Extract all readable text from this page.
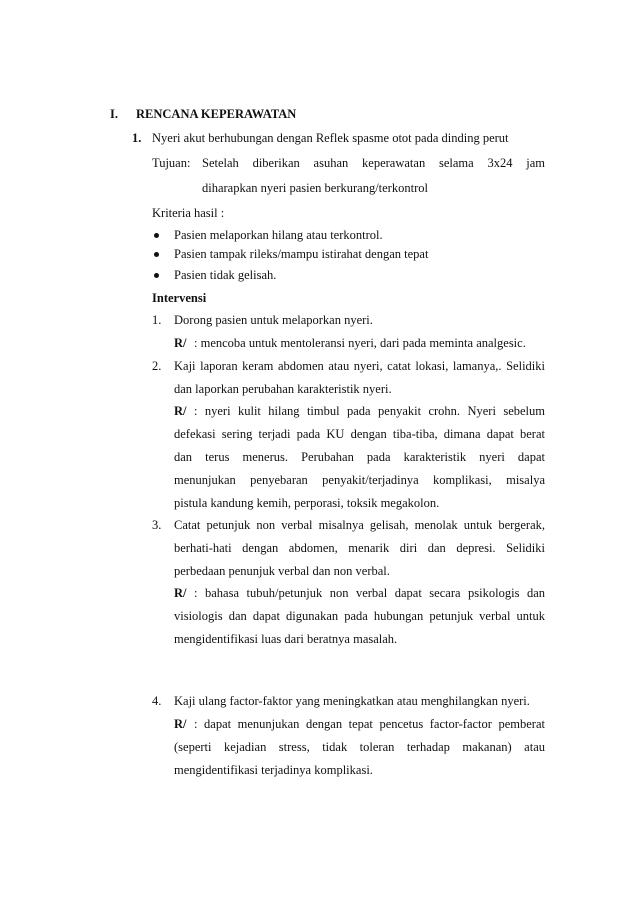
I. RENCANA KEPERAWATAN
1. Nyeri akut berhubungan dengan Reflek spasme otot pada dinding perut
Tujuan: Setelah diberikan asuhan keperawatan selama 3x24 jam
diharapkan nyeri pasien berkurang/terkontrol
Kriteria hasil :
Pasien melaporkan hilang atau terkontrol.
Pasien tampak rileks/mampu istirahat dengan tepat
Pasien tidak gelisah.
Intervensi
1. Dorong pasien untuk melaporkan nyeri.
R/ : mencoba untuk mentoleransi nyeri, dari pada meminta analgesic.
2. Kaji laporan keram abdomen atau nyeri, catat lokasi, lamanya,. Selidiki
dan laporkan perubahan karakteristik nyeri.
R/ : nyeri kulit hilang timbul pada penyakit crohn. Nyeri sebelum
defekasi sering terjadi pada KU dengan tiba-tiba, dimana dapat berat
dan terus menerus. Perubahan pada karakteristik nyeri dapat
menunjukan penyebaran penyakit/terjadinya komplikasi, misalya
pistula kandung kemih, perporasi, toksik megakolon.
3. Catat petunjuk non verbal misalnya gelisah, menolak untuk bergerak,
berhati-hati dengan abdomen, menarik diri dan depresi. Selidiki
perbedaan penunjuk verbal dan non verbal.
R/ : bahasa tubuh/petunjuk non verbal dapat secara psikologis dan
visiologis dan dapat digunakan pada hubungan petunjuk verbal untuk
mengidentifikasi luas dari beratnya masalah.
4. Kaji ulang factor-faktor yang meningkatkan atau menghilangkan nyeri.
R/ : dapat menunjukan dengan tepat pencetus factor-factor pemberat
(seperti kejadian stress, tidak toleran terhadap makanan) atau
mengidentifikasi terjadinya komplikasi.
